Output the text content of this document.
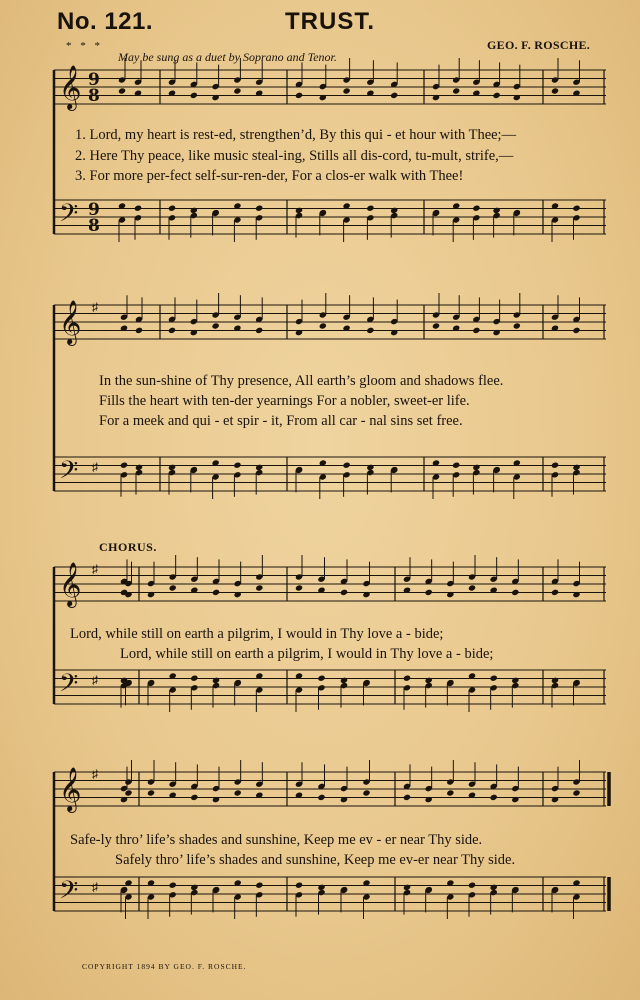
No. 121.	TRUST.
* * *
May be sung as a duet by Soprano and Tenor.
GEO. F. ROSCHE.
𝄞
𝄢
9
9
8
8
𝄞
𝄢
♯
♯
𝄞
𝄢
♯
♯
𝄞
𝄢
♯
♯
1. Lord, my heart is rest-ed, strengthen’d, By this qui - et hour with Thee;—
2. Here Thy peace, like music steal-ing, Stills all dis-cord, tu-mult, strife,—
3. For more per-fect self-sur-ren-der, For a clos-er walk with Thee!
In the sun-shine of Thy presence, All earth’s gloom and shadows flee.
Fills the heart with ten-der yearnings For a nobler, sweet-er life.
For a meek and qui - et spir - it, From all car - nal sins set free.
CHORUS.
Lord, while still on earth a pilgrim, I would in Thy love a - bide;
Lord, while still on earth a pilgrim, I would in Thy love a - bide;
Safe-ly thro’ life’s shades and sunshine, Keep me ev - er near Thy side.
Safely thro’ life’s shades and sunshine, Keep me ev-er near Thy side.
COPYRIGHT 1894 BY GEO. F. ROSCHE.
